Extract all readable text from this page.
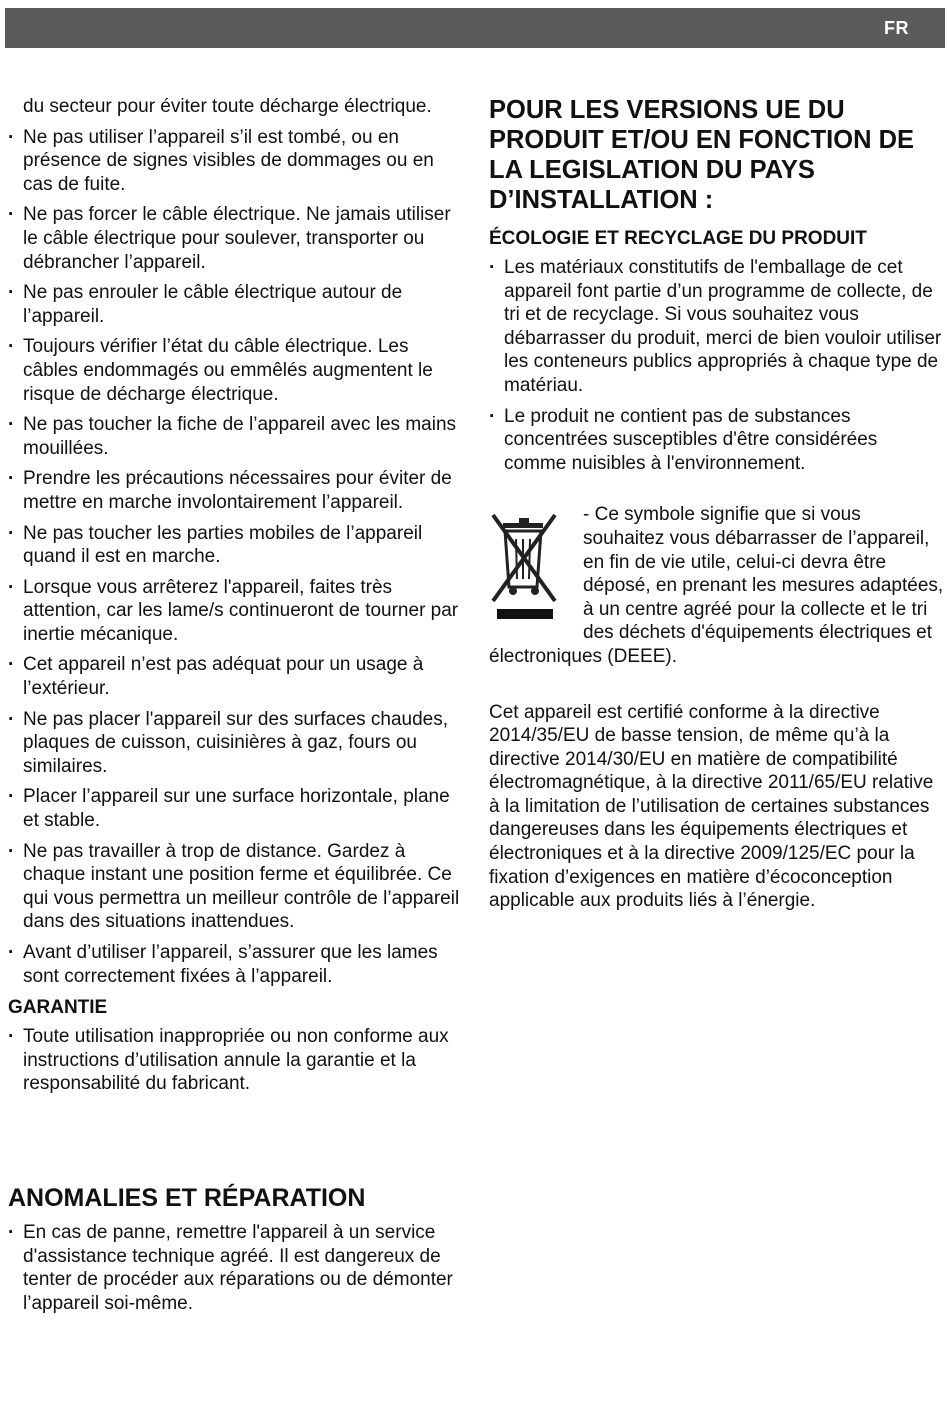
FR

du secteur pour éviter toute décharge électrique.

· Ne pas utiliser l’appareil s’il est tombé, ou en présence de signes visibles de dommages ou en cas de fuite.
· Ne pas forcer le câble électrique. Ne jamais utiliser le câble électrique pour soulever, transporter ou débrancher l’appareil.
· Ne pas enrouler le câble électrique autour de l’appareil.
· Toujours vérifier l’état du câble électrique. Les câbles endommagés ou emmêlés augmentent le risque de décharge électrique.
· Ne pas toucher la fiche de l’appareil avec les mains mouillées.
· Prendre les précautions nécessaires pour éviter de mettre en marche involontairement l’appareil.
· Ne pas toucher les parties mobiles de l’appareil quand il est en marche.
· Lorsque vous arrêterez l'appareil, faites très attention, car les lame/s continueront de tourner par inertie mécanique.
· Cet appareil n’est pas adéquat pour un usage à l’extérieur.
· Ne pas placer l'appareil sur des surfaces chaudes, plaques de cuisson, cuisinières à gaz, fours ou similaires.
· Placer l’appareil sur une surface horizontale, plane et stable.
· Ne pas travailler à trop de distance. Gardez à chaque instant une position ferme et équilibrée. Ce qui vous permettra un meilleur contrôle de l’appareil dans des situations inattendues.
· Avant d’utiliser l’appareil, s’assurer que les lames sont correctement fixées à l’appareil.
GARANTIE
· Toute utilisation inappropriée ou non conforme aux instructions d’utilisation annule la garantie et la responsabilité du fabricant.
ANOMALIES ET RÉPARATION
· En cas de panne, remettre l'appareil à un service d'assistance technique agréé. Il est dangereux de tenter de procéder aux réparations ou de démonter l’appareil soi-même.
POUR LES VERSIONS UE DU PRODUIT ET/OU EN FONCTION DE LA LEGISLATION DU PAYS D’INSTALLATION :
ÉCOLOGIE ET RECYCLAGE DU PRODUIT
· Les matériaux constitutifs de l'emballage de cet appareil font partie d’un programme de collecte, de tri et de recyclage. Si vous souhaitez vous débarrasser du produit, merci de bien vouloir utiliser les conteneurs publics appropriés à chaque type de matériau.
· Le produit ne contient pas de substances concentrées susceptibles d'être considérées comme nuisibles à l'environnement.

- Ce symbole signifie que si vous souhaitez vous débarrasser de l’appareil, en fin de vie utile, celui-ci devra être déposé, en prenant les mesures adaptées, à un centre agréé pour la collecte et le tri des déchets d'équipements électriques et électroniques (DEEE).

Cet appareil est certifié conforme à la directive 2014/35/EU de basse tension, de même qu’à la directive 2014/30/EU en matière de compatibilité électromagnétique, à la directive 2011/65/EU relative à la limitation de l’utilisation de certaines substances dangereuses dans les équipements électriques et électroniques et à la directive 2009/125/EC pour la fixation d’exigences en matière d’écoconception applicable aux produits liés à l’énergie.
